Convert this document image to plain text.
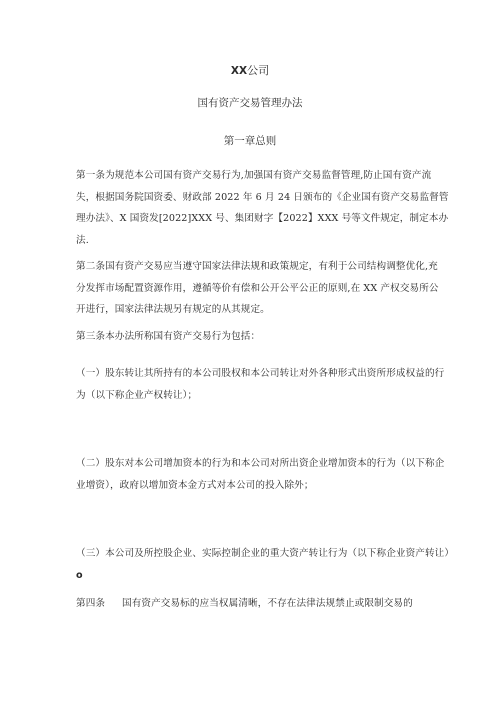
XX公司
国有资产交易管理办法
第一章总则
第一条为规范本公司国有资产交易行为,加强国有资产交易监督管理,防止国有资产流
失，根据国务院国资委、财政部 2022 年 6 月 24 日颁布的《企业国有资产交易监督管
理办法》、X 国资发[2022]XXX 号、集团财字【2022】XXX 号等文件规定，制定本办
法.
第二条国有资产交易应当遵守国家法律法规和政策规定，有利于公司结构调整优化,充
分发挥市场配置资源作用，遵循等价有偿和公开公平公正的原则,在 XX 产权交易所公
开进行，国家法律法规另有规定的从其规定。
第三条本办法所称国有资产交易行为包括：
（一）股东转让其所持有的本公司股权和本公司转让对外各种形式出资所形成权益的行
为（以下称企业产权转让）；
（二）股东对本公司增加资本的行为和本公司对所出资企业增加资本的行为（以下称企
业增资），政府以增加资本金方式对本公司的投入除外；
（三）本公司及所控股企业、实际控制企业的重大资产转让行为（以下称企业资产转让）
o
第四条 国有资产交易标的应当权属清晰，不存在法律法规禁止或限制交易的
